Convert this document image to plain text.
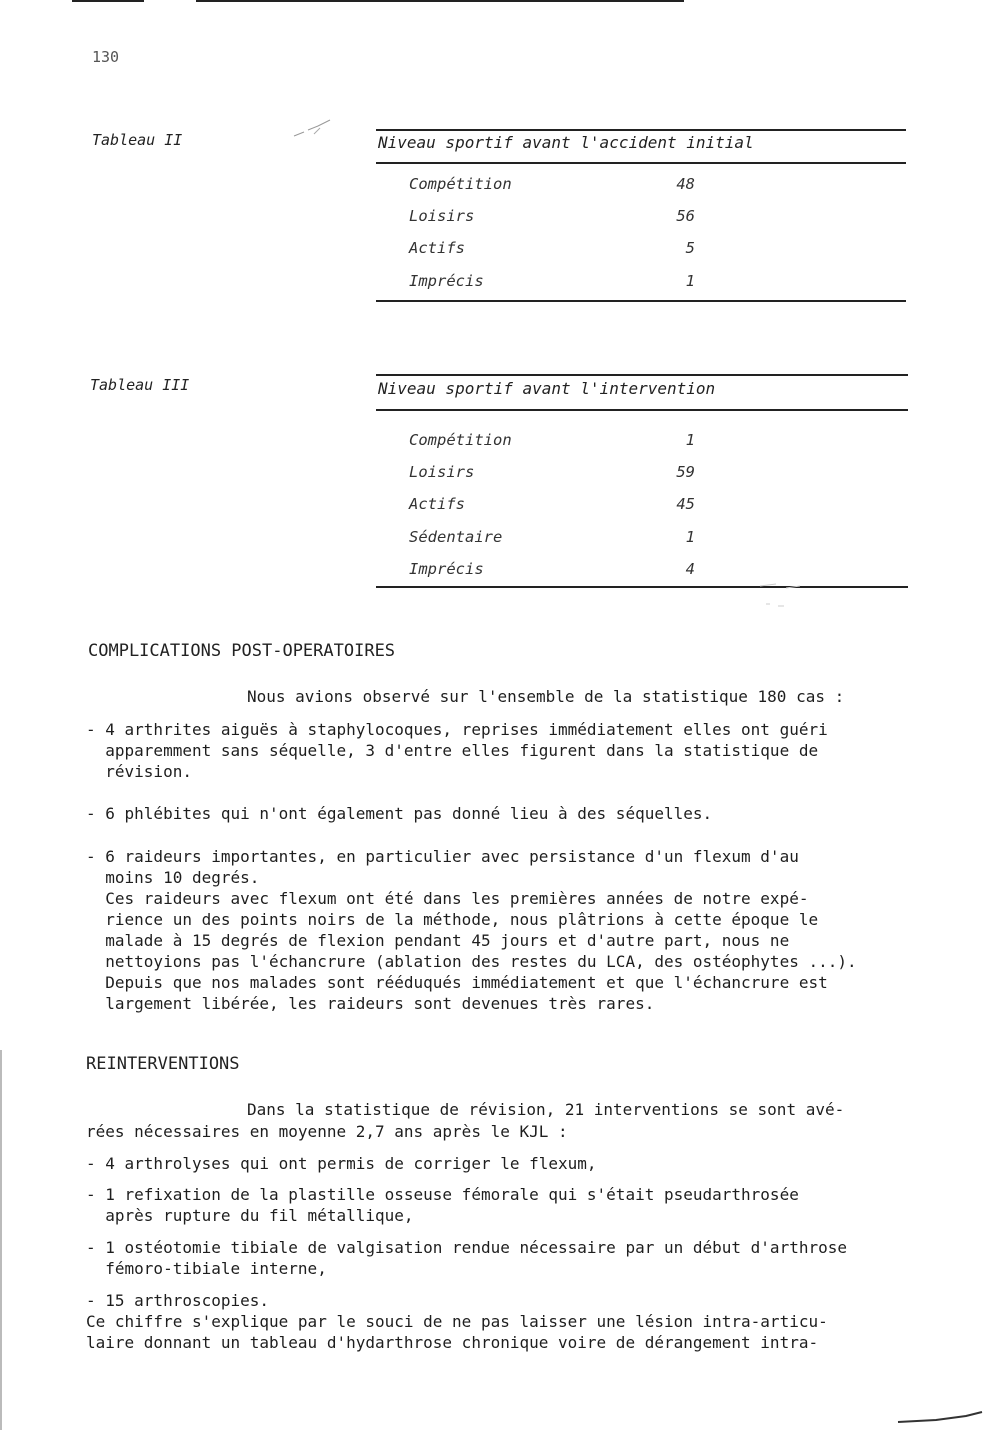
130
Tableau II	Niveau sportif avant l'accident initial
Compétition	48
Loisirs	56
Actifs	5
Imprécis	1
Tableau III	Niveau sportif avant l'intervention
Compétition	1
Loisirs	59
Actifs	45
Sédentaire	1
Imprécis	4
COMPLICATIONS POST-OPERATOIRES
Nous avions observé sur l'ensemble de la statistique 180 cas :
- 4 arthrites aiguës à staphylocoques, reprises immédiatement elles ont guéri
apparemment sans séquelle, 3 d'entre elles figurent dans la statistique de
révision.
- 6 phlébites qui n'ont également pas donné lieu à des séquelles.
- 6 raideurs importantes, en particulier avec persistance d'un flexum d'au
moins 10 degrés.
Ces raideurs avec flexum ont été dans les premières années de notre expé-
rience un des points noirs de la méthode, nous plâtrions à cette époque le
malade à 15 degrés de flexion pendant 45 jours et d'autre part, nous ne
nettoyions pas l'échancrure (ablation des restes du LCA, des ostéophytes ...).
Depuis que nos malades sont rééduqués immédiatement et que l'échancrure est
largement libérée, les raideurs sont devenues très rares.
REINTERVENTIONS
Dans la statistique de révision, 21 interventions se sont avé-
rées nécessaires en moyenne 2,7 ans après le KJL :
- 4 arthrolyses qui ont permis de corriger le flexum,
- 1 refixation de la plastille osseuse fémorale qui s'était pseudarthrosée
après rupture du fil métallique,
- 1 ostéotomie tibiale de valgisation rendue nécessaire par un début d'arthrose
fémoro-tibiale interne,
- 15 arthroscopies.
Ce chiffre s'explique par le souci de ne pas laisser une lésion intra-articu-
laire donnant un tableau d'hydarthrose chronique voire de dérangement intra-
